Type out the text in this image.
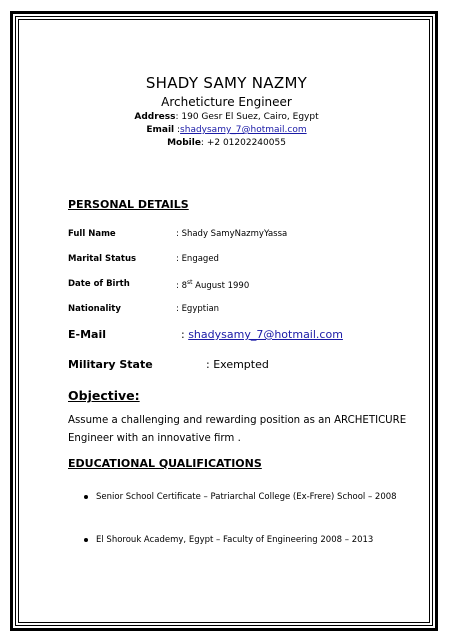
SHADY SAMY NAZMY
Archeticture Engineer
Address: 190 Gesr El Suez, Cairo, Egypt
Email :shadysamy_7@hotmail.com
Mobile: +2 01202240055
PERSONAL DETAILS
Full Name	: Shady SamyNazmyYassa
Marital Status	: Engaged
Date of Birth	: 8st August 1990
Nationality	: Egyptian
E-Mail	: shadysamy_7@hotmail.com
Military State	: Exempted
Objective:
Assume a challenging and rewarding position as an ARCHETICURE Engineer with an innovative firm .
EDUCATIONAL QUALIFICATIONS
Senior School Certificate – Patriarchal College (Ex-Frere) School – 2008
El Shorouk Academy, Egypt – Faculty of Engineering 2008 – 2013
